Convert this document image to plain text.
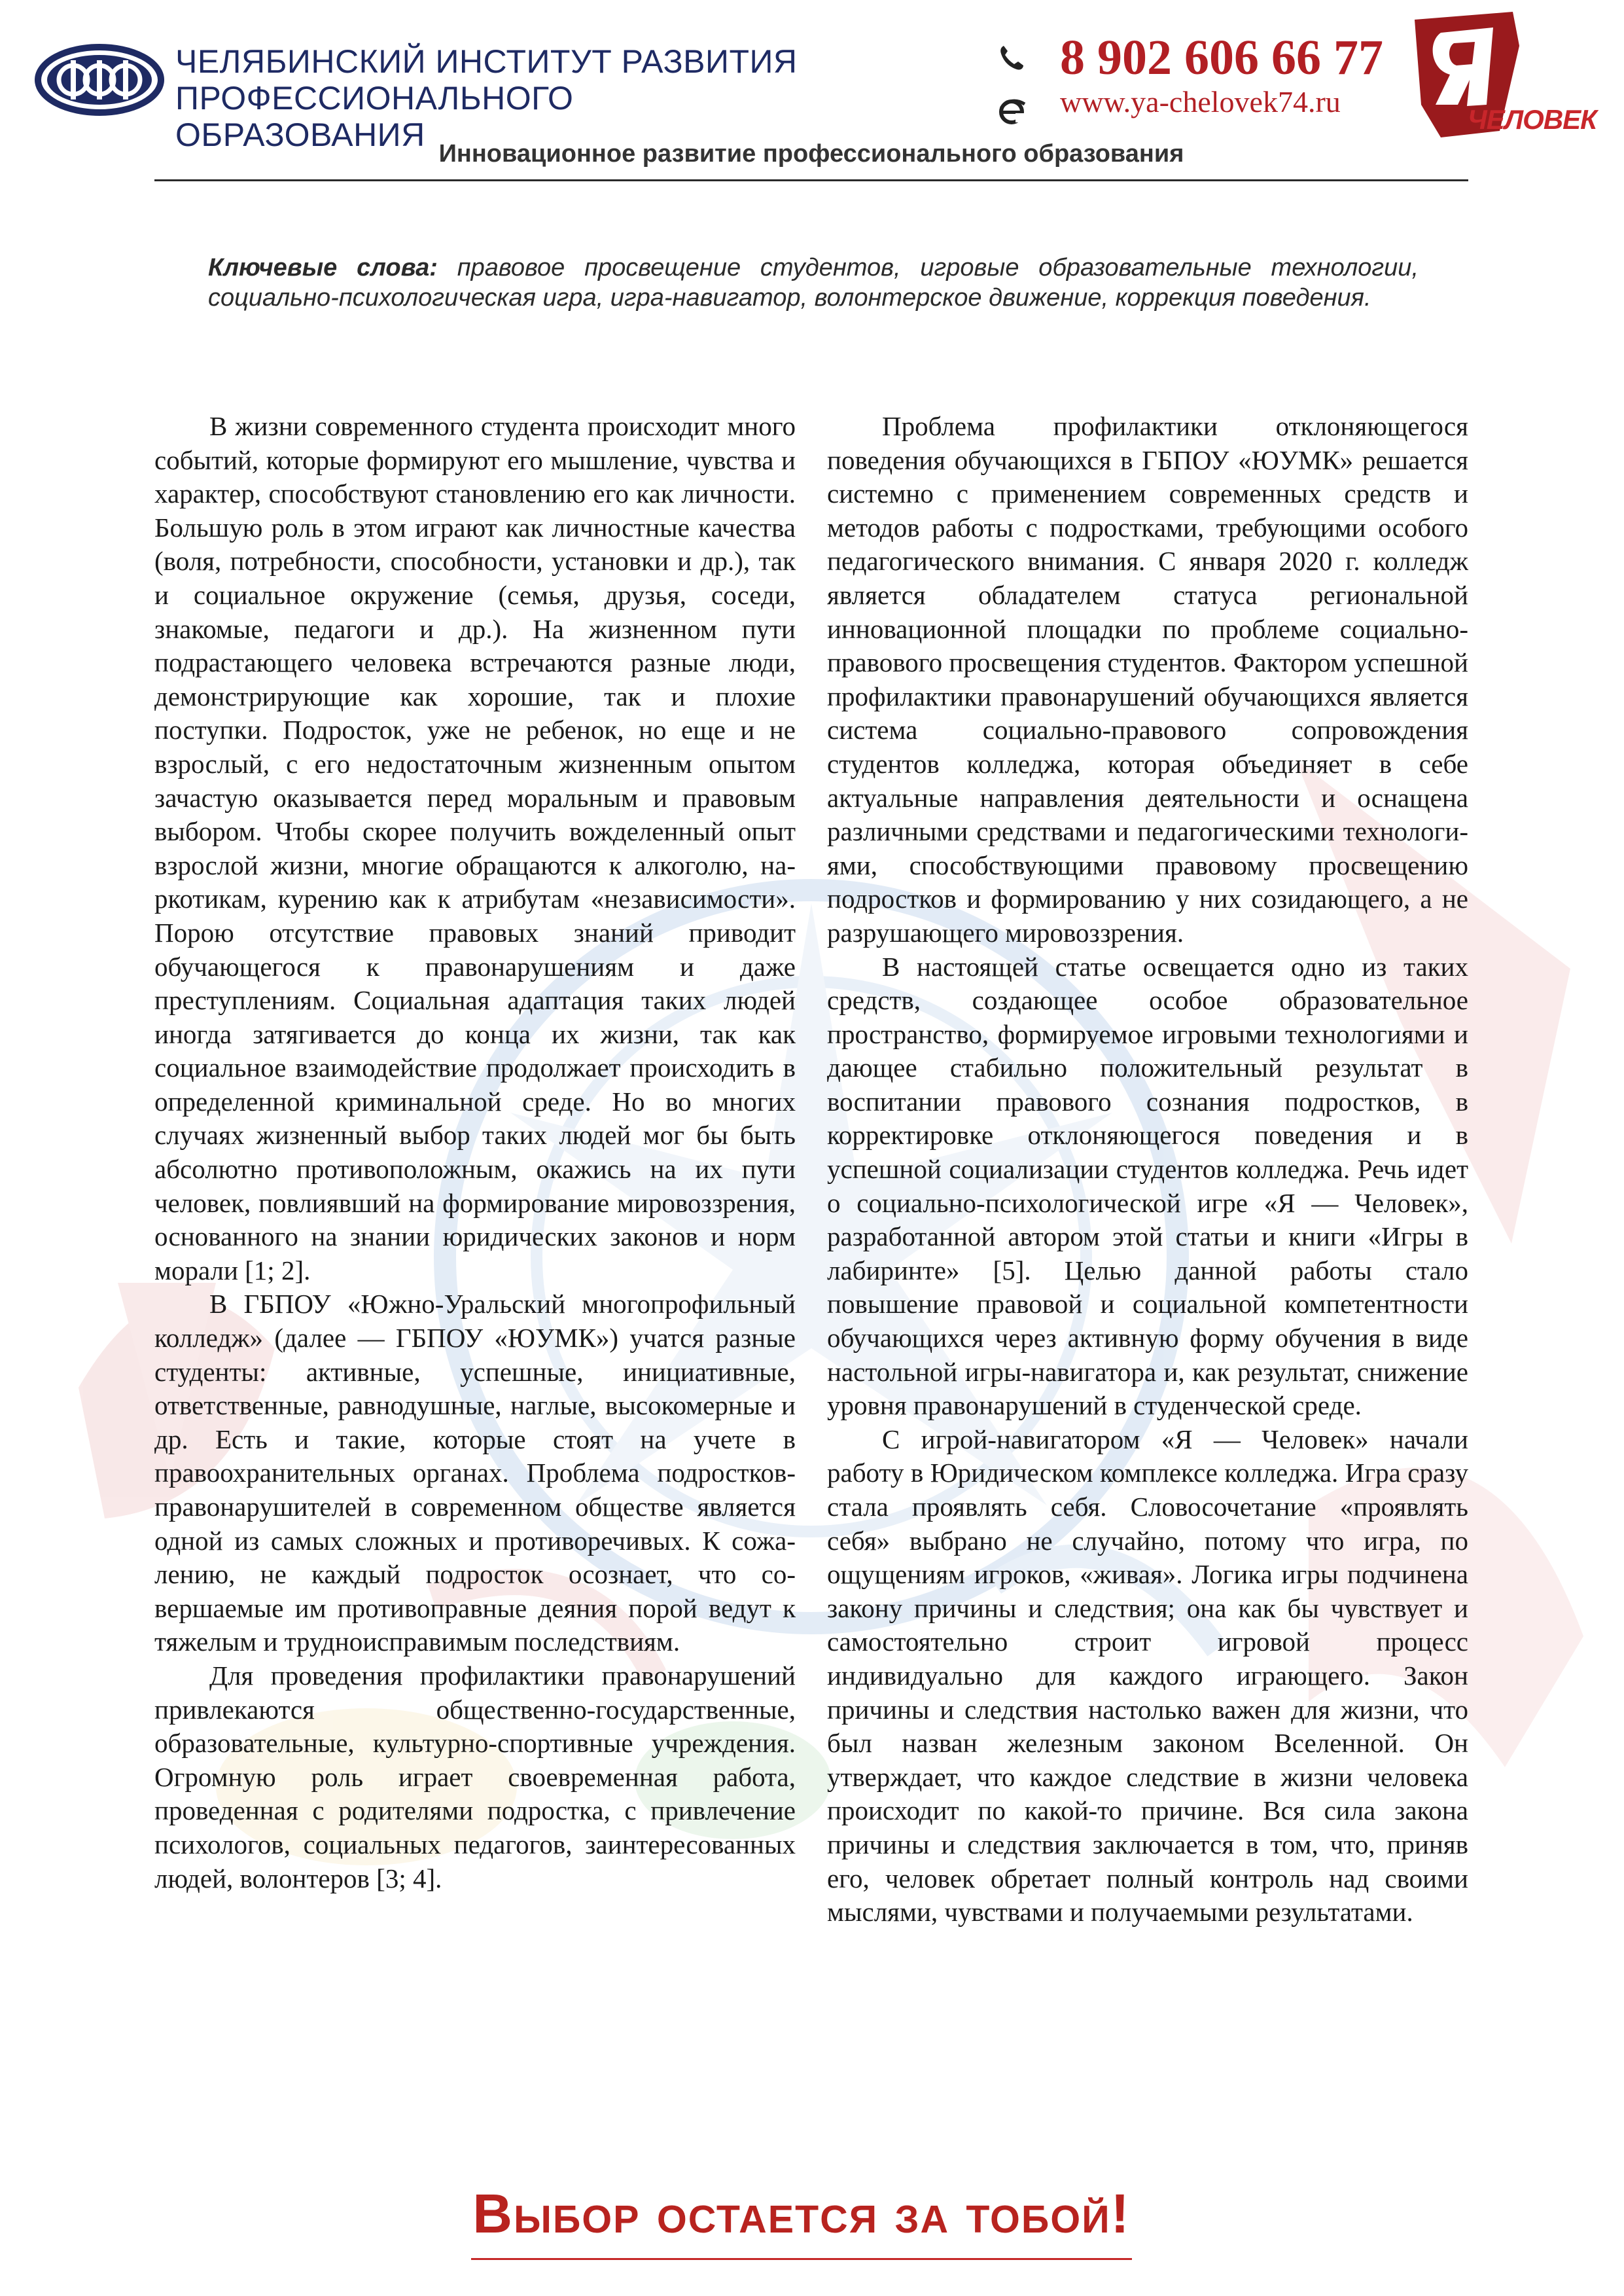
ЧЕЛЯБИНСКИЙ ИНСТИТУТ РАЗВИТИЯ
ПРОФЕССИОНАЛЬНОГО ОБРАЗОВАНИЯ
8 902 606 66 77
www.ya-chelovek74.ru
ЧЕЛОВЕК
Инновационное развитие профессионального образования
Ключевые слова: правовое просвещение студентов, игровые образовательные технологии, социально-психологическая игра, игра-навигатор, волонтерское движение, коррекция поведения.

В жизни современного студента происходит много событий, которые формируют его мышление, чувства и характер, способствуют становлению его как личности. Большую роль в этом играют как личностные качества (воля, потребности, способности, установки и др.), так и социальное окружение (семья, друзья, соседи, знакомые, педагоги и др.). На жизненном пути подрастающего человека встречаются разные люди, демонстрирующие как хорошие, так и плохие поступки. Подросток, уже не ребенок, но еще и не взрослый, с его недостаточным жизненным опытом зачастую оказывается перед моральным и правовым выбором. Чтобы скорее получить вожделенный опыт взрослой жизни, многие обращаются к алкоголю, наркотикам, курению как к атрибутам «независимости». Порою отсутствие правовых знаний приводит обучающегося к правонарушениям и даже преступлениям. Социальная адаптация таких людей иногда затягивается до конца их жизни, так как социальное взаимодействие продолжает происходить в определенной криминальной среде. Но во многих случаях жизненный выбор таких людей мог бы быть абсолютно противоположным, окажись на их пути человек, повлиявший на формирование мировоззрения, основанного на знании юридических законов и норм морали [1; 2].

В ГБПОУ «Южно-Уральский многопрофильный колледж» (далее — ГБПОУ «ЮУМК») учатся разные студенты: активные, успешные, инициативные, ответственные, равнодушные, наглые, высокомерные и др. Есть и такие, которые стоят на учете в правоохранительных органах. Проблема подростков-правонарушителей в современном обществе является одной из самых сложных и противоречивых. К сожалению, не каждый подросток осознает, что совершаемые им противоправные деяния порой ведут к тяжелым и трудноисправимым последствиям.

Для проведения профилактики правонарушений привлекаются общественно-государственные, образовательные, культурно-спортивные учреждения. Огромную роль играет своевременная работа, проведенная с родителями подростка, с привлечение психологов, социальных педагогов, заинтересованных людей, волонтеров [3; 4].

Проблема профилактики отклоняющегося поведения обучающихся в ГБПОУ «ЮУМК» решается системно с применением современных средств и методов работы с подростками, требующими особого педагогического внимания. С января 2020 г. колледж является обладателем статуса региональной инновационной площадки по проблеме социально-правового просвещения студентов. Фактором успешной профилактики правонарушений обучающихся является система социально-правового сопровождения студентов колледжа, которая объединяет в себе актуальные направления деятельности и оснащена различными средствами и педагогическими технологиями, способствующими правовому просвещению подростков и формированию у них созидающего, а не разрушающего мировоззрения.

В настоящей статье освещается одно из таких средств, создающее особое образовательное пространство, формируемое игровыми технологиями и дающее стабильно положительный результат в воспитании правового сознания подростков, в корректировке отклоняющегося поведения и в успешной социализации студентов колледжа. Речь идет о социально-психологической игре «Я — Человек», разработанной автором этой статьи и книги «Игры в лабиринте» [5]. Целью данной работы стало повышение правовой и социальной компетентности обучающихся через активную форму обучения в виде настольной игры-навигатора и, как результат, снижение уровня правонарушений в студенческой среде.

С игрой-навигатором «Я — Человек» начали работу в Юридическом комплексе колледжа. Игра сразу стала проявлять себя. Словосочетание «проявлять себя» выбрано не случайно, потому что игра, по ощущениям игроков, «живая». Логика игры подчинена закону причины и следствия; она как бы чувствует и самостоятельно строит игровой процесс индивидуально для каждого играющего. Закон причины и следствия настолько важен для жизни, что был назван железным законом Вселенной. Он утверждает, что каждое следствие в жизни человека происходит по какой-то причине. Вся сила закона причины и следствия заключается в том, что, приняв его, человек обретает полный контроль над своими мыслями, чувствами и получаемыми результатами.

Выбор остается за тобой!
